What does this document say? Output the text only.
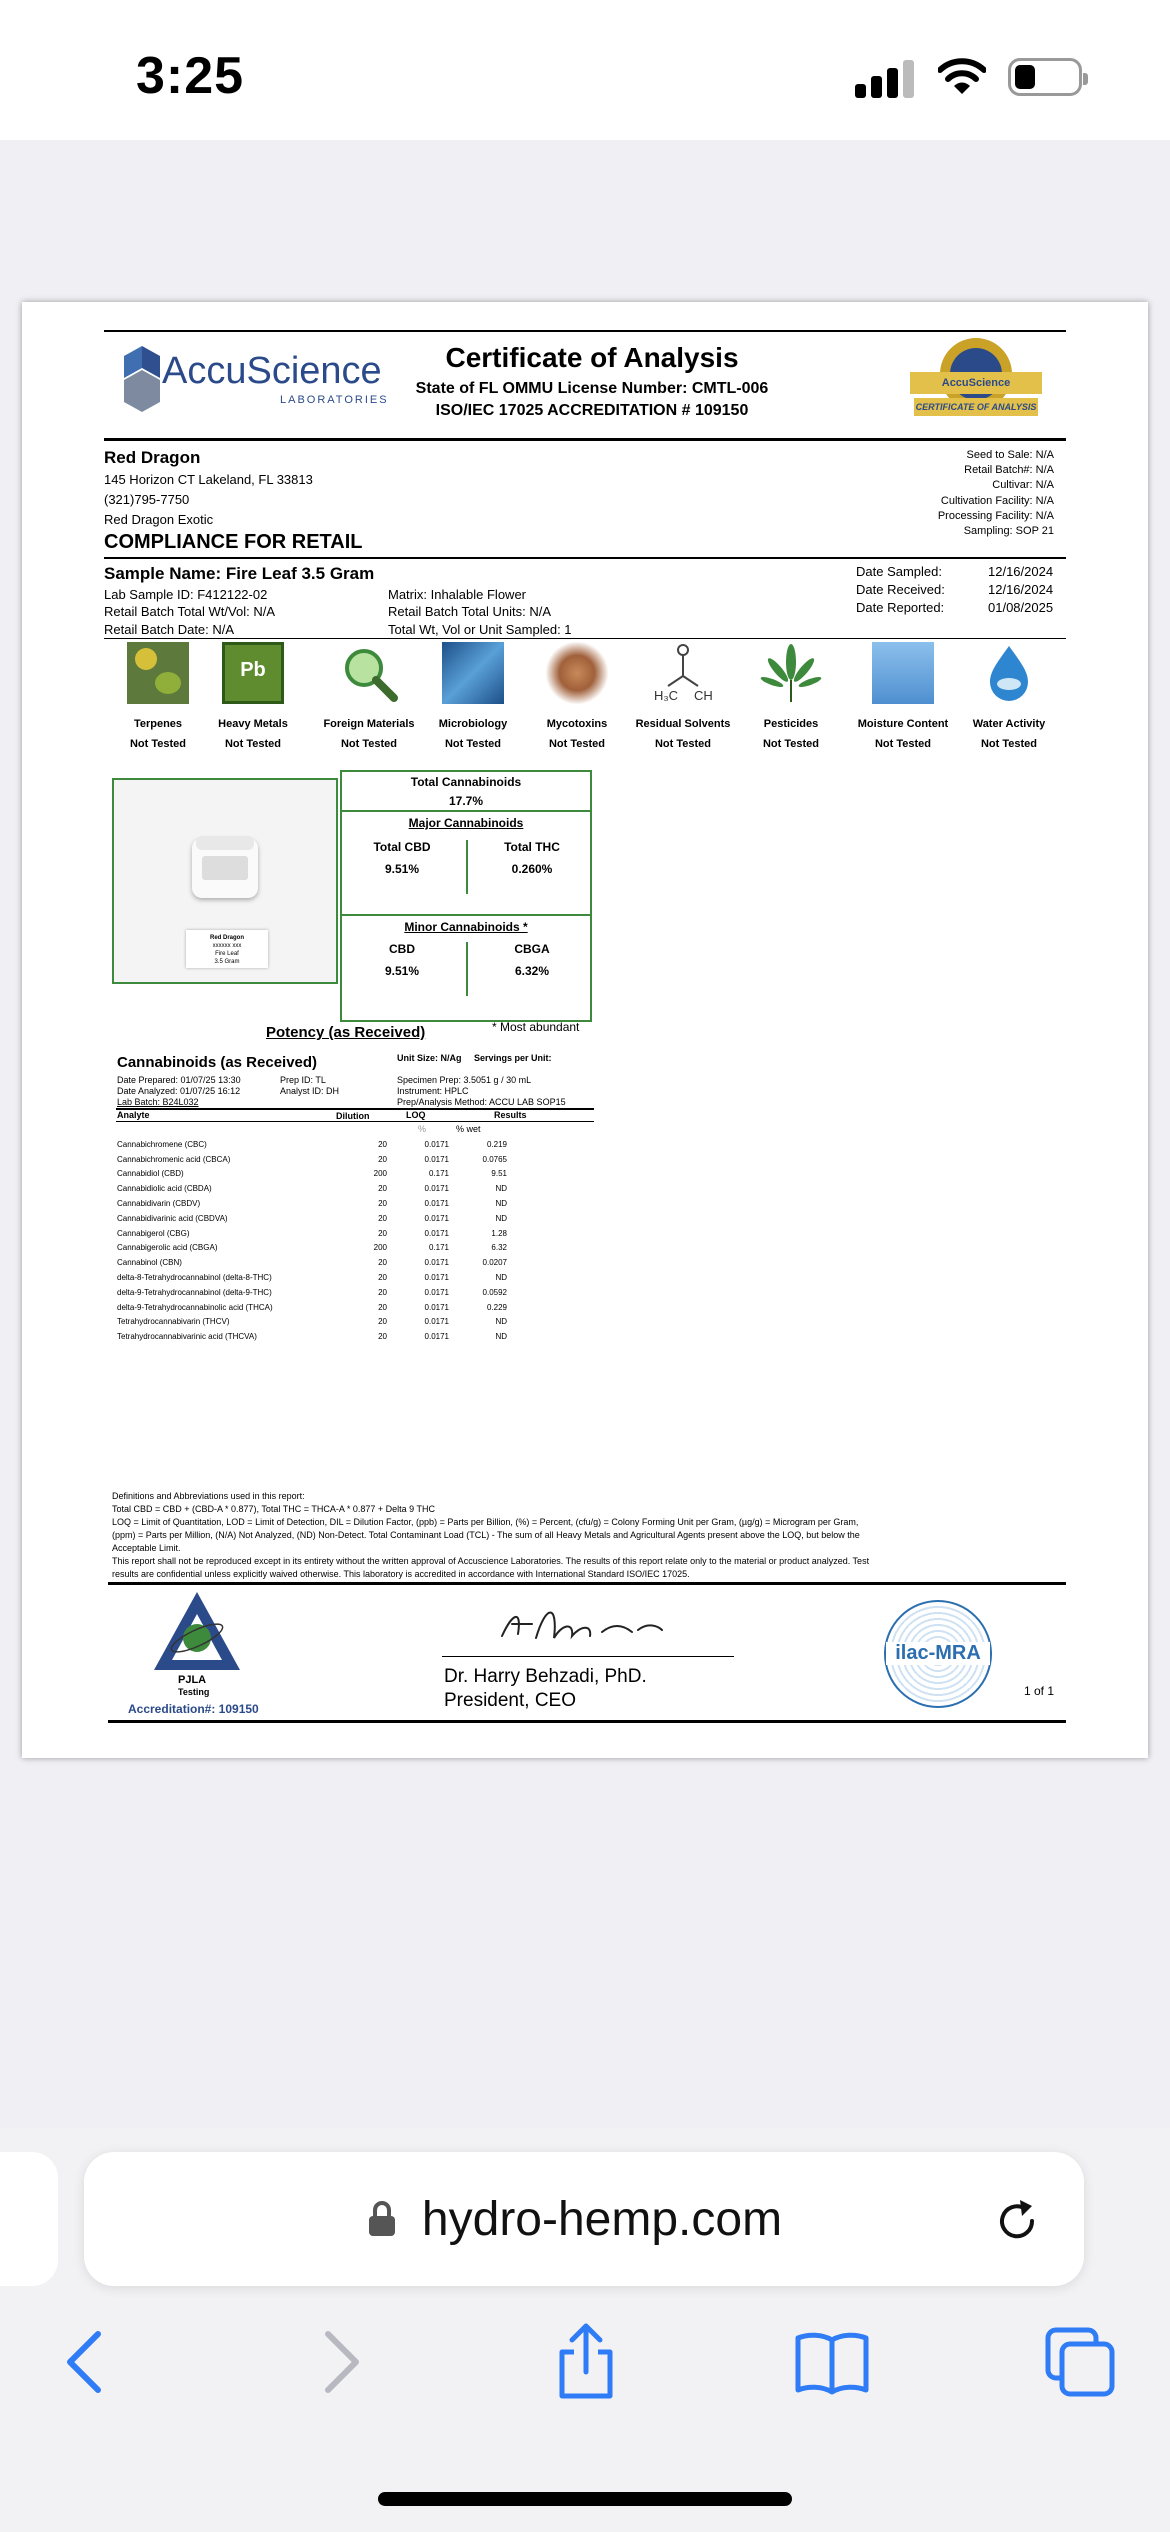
3:25
AccuScience
LABORATORIES
Certificate of Analysis
State of FL OMMU License Number: CMTL-006
ISO/IEC 17025 ACCREDITATION # 109150
AccuScience
CERTIFICATE OF ANALYSIS
Red Dragon
145 Horizon CT Lakeland, FL 33813
(321)795-7750
Red Dragon Exotic
COMPLIANCE FOR RETAIL
Seed to Sale: N/A
Retail Batch#: N/A
Cultivar: N/A
Cultivation Facility: N/A
Processing Facility: N/A
Sampling: SOP 21
Sample Name: Fire Leaf 3.5 Gram
Lab Sample ID: F412122-02
Retail Batch Total Wt/Vol: N/A
Retail Batch Date: N/A
Matrix: Inhalable Flower
Retail Batch Total Units: N/A
Total Wt, Vol or Unit Sampled: 1
Date Sampled:	12/16/2024
Date Received:	12/16/2024
Date Reported:	01/08/2025
Pb
H₃C CH
Terpenes	Heavy Metals	Foreign Materials	Microbiology	Mycotoxins	Residual Solvents	Pesticides	Moisture Content	Water Activity
Not Tested	Not Tested	Not Tested	Not Tested	Not Tested	Not Tested	Not Tested	Not Tested	Not Tested
Red Dragon
xxxxxx xxx
Fire Leaf
3.5 Gram
Total Cannabinoids
17.7%
Major Cannabinoids
Total CBD
9.51%
Total THC
0.260%
Minor Cannabinoids *
CBD
9.51%
CBGA
6.32%
* Most abundant
Potency (as Received)
Cannabinoids (as Received)	Unit Size: N/Ag Servings per Unit:
Date Prepared: 01/07/25 13:30
Date Analyzed: 01/07/25 16:12
Lab Batch: B24L032
Prep ID: TL
Analyst ID: DH
Specimen Prep: 3.5051 g / 30 mL
Instrument: HPLC
Prep/Analysis Method: ACCU LAB SOP15
Analyte	Dilution	LOQ	Results
%	% wet
Cannabichromene (CBC)	20	0.0171	0.219
Cannabichromenic acid (CBCA)	20	0.0171	0.0765
Cannabidiol (CBD)	200	0.171	9.51
Cannabidiolic acid (CBDA)	20	0.0171	ND
Cannabidivarin (CBDV)	20	0.0171	ND
Cannabidivarinic acid (CBDVA)	20	0.0171	ND
Cannabigerol (CBG)	20	0.0171	1.28
Cannabigerolic acid (CBGA)	200	0.171	6.32
Cannabinol (CBN)	20	0.0171	0.0207
delta-8-Tetrahydrocannabinol (delta-8-THC)	20	0.0171	ND
delta-9-Tetrahydrocannabinol (delta-9-THC)	20	0.0171	0.0592
delta-9-Tetrahydrocannabinolic acid (THCA)	20	0.0171	0.229
Tetrahydrocannabivarin (THCV)	20	0.0171	ND
Tetrahydrocannabivarinic acid (THCVA)	20	0.0171	ND
Definitions and Abbreviations used in this report:
Total CBD = CBD + (CBD-A * 0.877), Total THC = THCA-A * 0.877 + Delta 9 THC
LOQ = Limit of Quantitation, LOD = Limit of Detection, DIL = Dilution Factor, (ppb) = Parts per Billion, (%) = Percent, (cfu/g) = Colony Forming Unit per Gram, (µg/g) = Microgram per Gram,
(ppm) = Parts per Million, (N/A) Not Analyzed, (ND) Non-Detect. Total Contaminant Load (TCL) - The sum of all Heavy Metals and Agricultural Agents present above the LOQ, but below the
Acceptable Limit.
This report shall not be reproduced except in its entirety without the written approval of Accuscience Laboratories. The results of this report relate only to the material or product analyzed. Test
results are confidential unless explicitly waived otherwise. This laboratory is accredited in accordance with International Standard ISO/IEC 17025.
PJLA
Testing
Accreditation#: 109150
Dr. Harry Behzadi, PhD.
President, CEO
ilac-MRA
1 of 1
hydro-hemp.com
